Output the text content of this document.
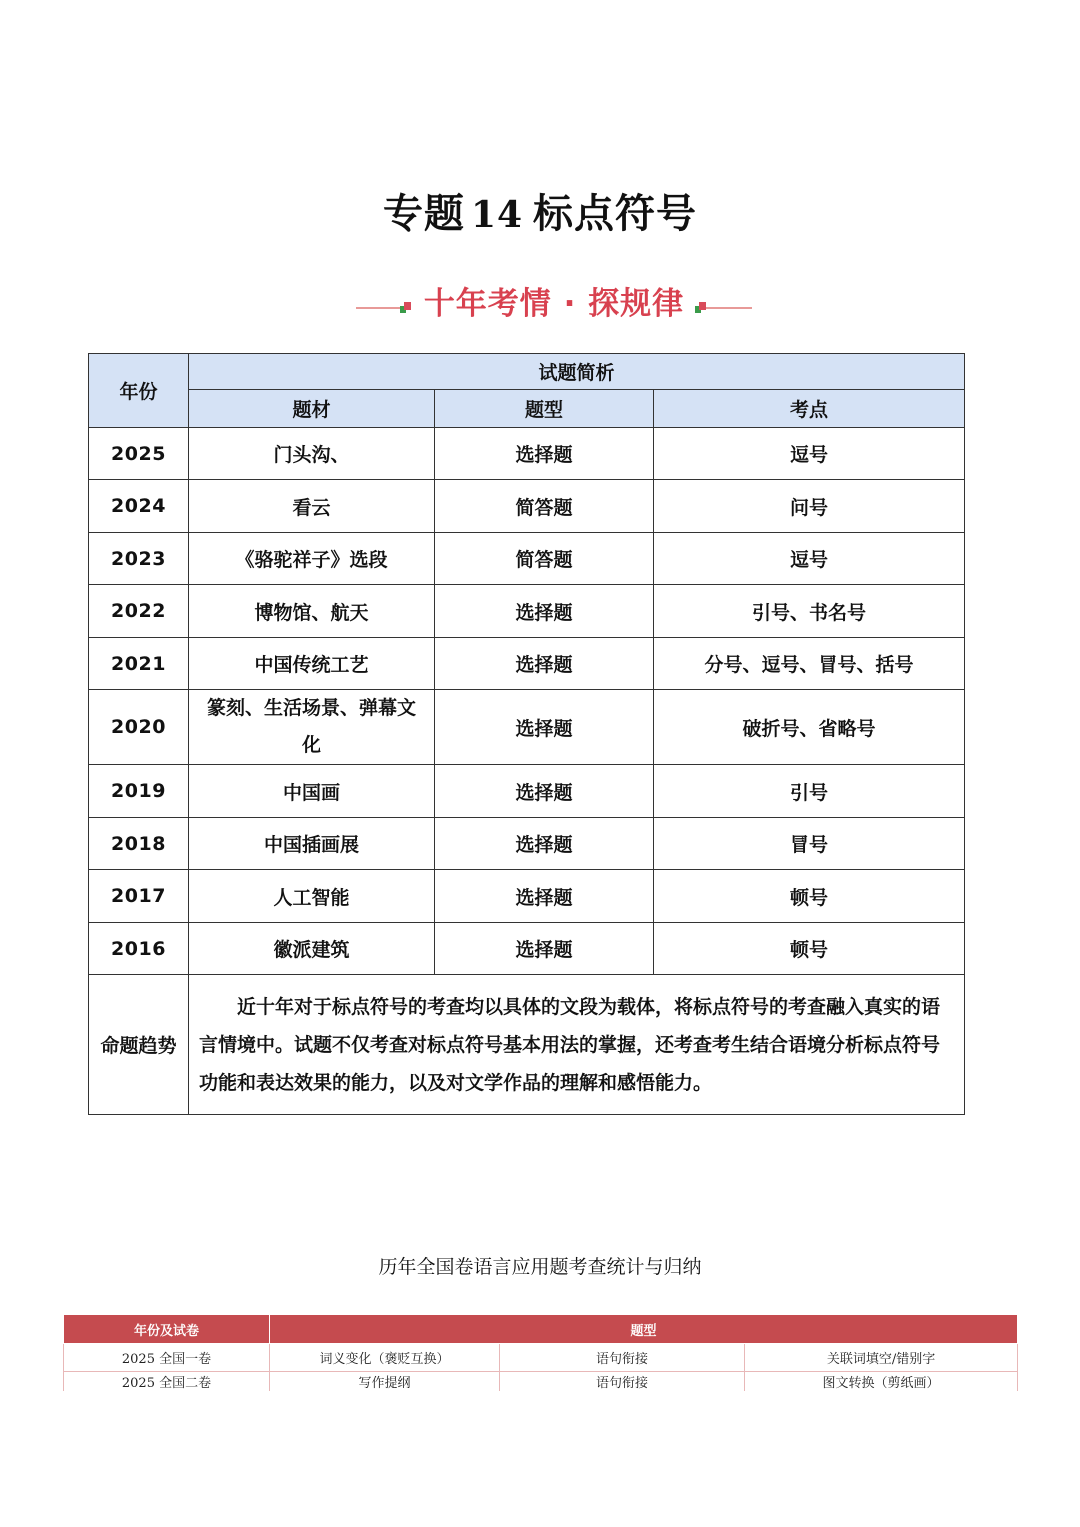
专题 14 标点符号
十年考情 · 探规律
年份	试题简析		
	题材	题型	考点
2025	门头沟、	选择题	逗号
2024	看云	简答题	问号
2023	《骆驼祥子》选段	简答题	逗号
2022	博物馆、航天	选择题	引号、书名号
2021	中国传统工艺	选择题	分号、逗号、冒号、括号
2020	篆刻、生活场景、弹幕文化	选择题	破折号、省略号
2019	中国画	选择题	引号
2018	中国插画展	选择题	冒号
2017	人工智能	选择题	顿号
2016	徽派建筑	选择题	顿号
命题趋势	近十年对于标点符号的考查均以具体的文段为载体，将标点符号的考查融入真实的语言情境中。试题不仅考查对标点符号基本用法的掌握，还考查考生结合语境分析标点符号功能和表达效果的能力，以及对文学作品的理解和感悟能力。		
历年全国卷语言应用题考查统计与归纳
年份及试卷	题型		
2025 全国一卷	词义变化（褒贬互换）	语句衔接	关联词填空/错别字
2025 全国二卷	写作提纲	语句衔接	图文转换（剪纸画）
